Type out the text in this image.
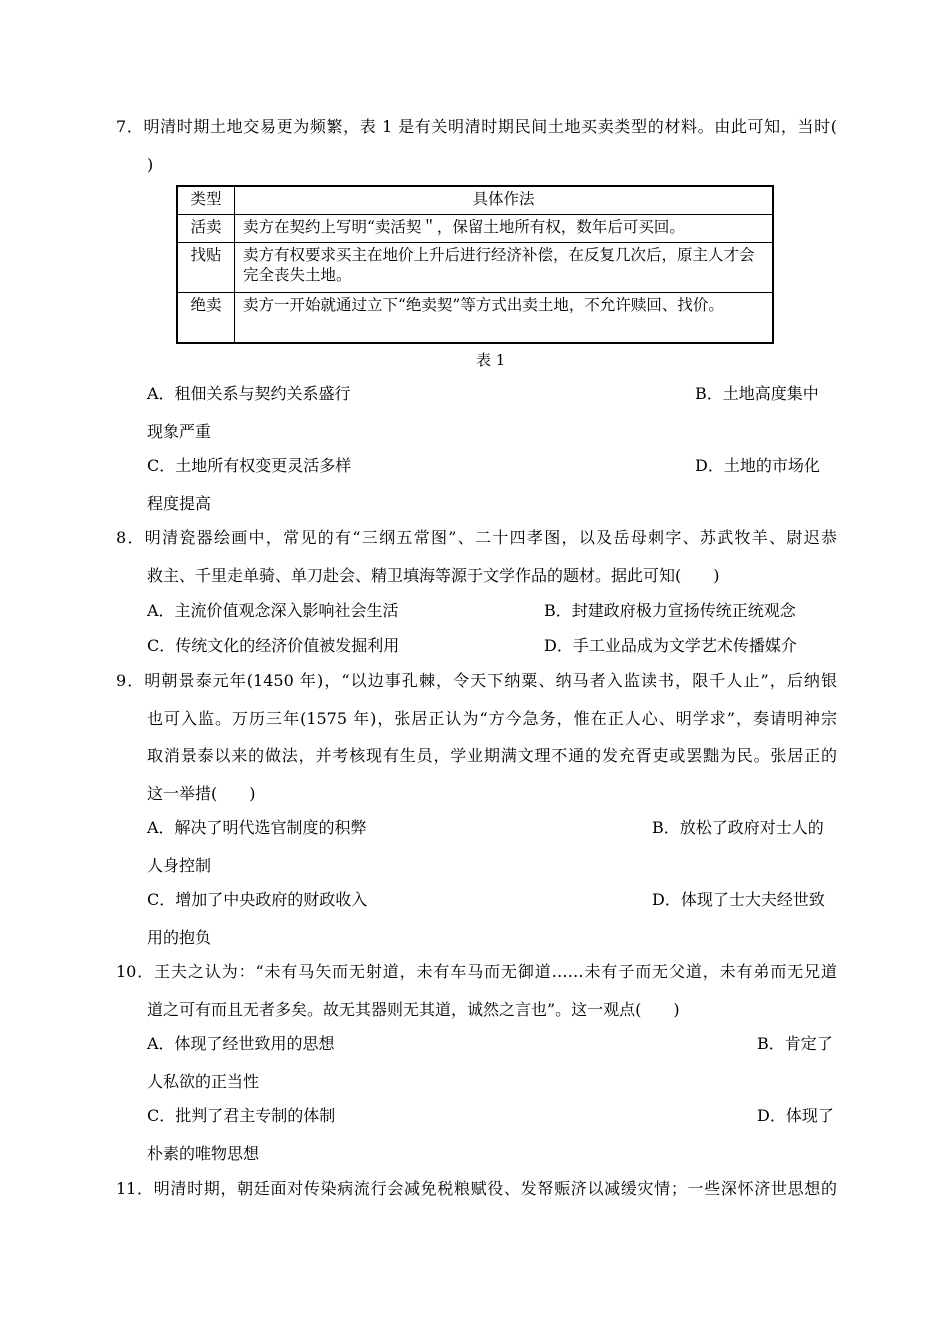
7．明清时期土地交易更为频繁，表 1 是有关明清时期民间土地买卖类型的材料。由此可知，当时(
)
类型	具体作法
活卖	卖方在契约上写明“卖活契＂，保留土地所有权，数年后可买回。
找贴	卖方有权要求买主在地价上升后进行经济补偿，在反复几次后，原主人才会完全丧失土地。
绝卖	卖方一开始就通过立下“绝卖契”等方式出卖土地，不允许赎回、找价。
表 1
A．租佃关系与契约关系盛行	B．土地高度集中
现象严重
C．土地所有权变更灵活多样	D．土地的市场化
程度提高
8．明清瓷器绘画中，常见的有“三纲五常图”、二十四孝图，以及岳母刺字、苏武牧羊、尉迟恭
救主、千里走单骑、单刀赴会、精卫填海等源于文学作品的题材。据此可知(　　)
A．主流价值观念深入影响社会生活	B．封建政府极力宣扬传统正统观念
C．传统文化的经济价值被发掘利用	D．手工业品成为文学艺术传播媒介
9．明朝景泰元年(1450 年)，“以边事孔棘，令天下纳粟、纳马者入监读书，限千人止”，后纳银
也可入监。万历三年(1575 年)，张居正认为“方今急务，惟在正人心、明学求”，奏请明神宗
取消景泰以来的做法，并考核现有生员，学业期满文理不通的发充胥吏或罢黜为民。张居正的
这一举措(　　)
A．解决了明代选官制度的积弊	B．放松了政府对士人的
人身控制
C．增加了中央政府的财政收入	D．体现了士大夫经世致
用的抱负
10．王夫之认为：“未有马矢而无射道，未有车马而无御道……未有子而无父道，未有弟而无兄道
道之可有而且无者多矣。故无其器则无其道，诚然之言也”。这一观点(　　)
A．体现了经世致用的思想	B．肯定了
人私欲的正当性
C．批判了君主专制的体制	D．体现了
朴素的唯物思想
11．明清时期，朝廷面对传染病流行会减免税粮赋役、发帑赈济以减缓灾情；一些深怀济世思想的
